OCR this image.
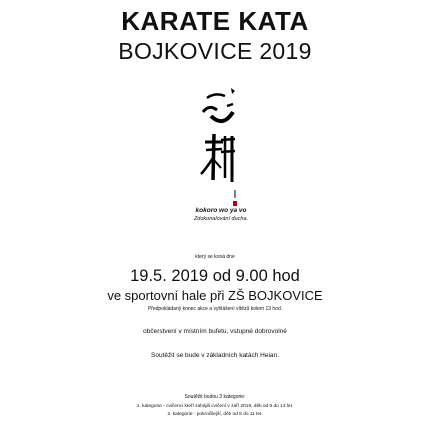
KARATE KATA
BOJKOVICE 2019
kokoro wo ya vo
Zdokonalování ducha.
který se koná dne
19.5. 2019 od 9.00 hod
ve sportovní hale při ZŠ BOJKOVICE
Předpokládaný konec akce a vyhlášení vítězů kolem 13 hod.
občerstvení v místním bufetu, vstupné dobrovolné
Soutěžit se bude v základních katách Heian.
Soutěžit budou 3 kategorie:
1. kategorie - cvičenci kteří zahájili cvičení v září 2018, děti od 6 do 13 let.
2. kategorie - pokročilejší, děti od 8 do 11 let.
